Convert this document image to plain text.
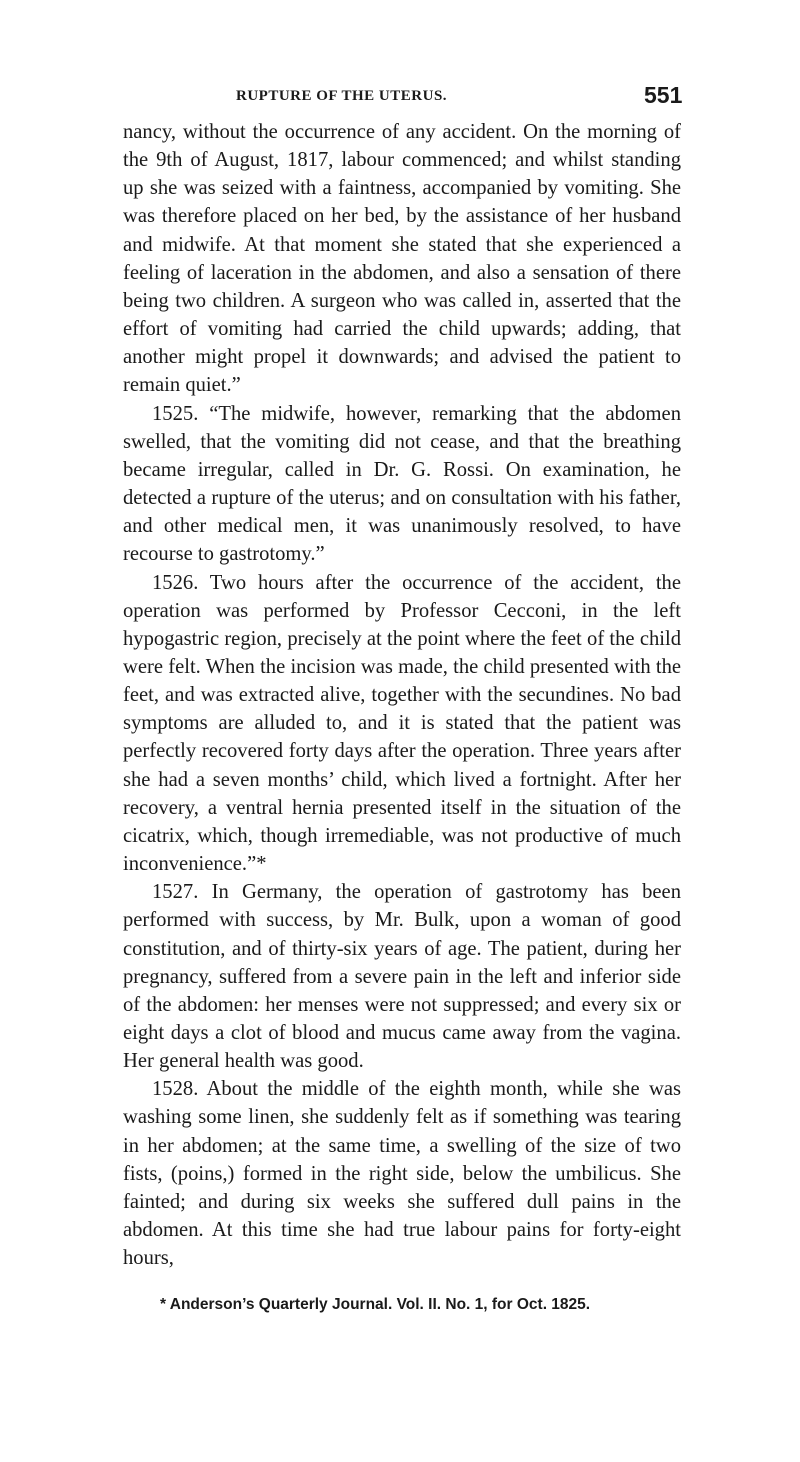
RUPTURE OF THE UTERUS.	551

nancy, without the occurrence of any accident. On the morning of the 9th of August, 1817, labour commenced; and whilst standing up she was seized with a faintness, accompanied by vomiting. She was therefore placed on her bed, by the assistance of her husband and midwife. At that moment she stated that she experienced a feeling of laceration in the abdomen, and also a sensation of there being two children. A surgeon who was called in, asserted that the effort of vomiting had carried the child upwards; adding, that another might propel it downwards; and advised the patient to remain quiet.”

1525. “The midwife, however, remarking that the abdomen swelled, that the vomiting did not cease, and that the breathing became irregular, called in Dr. G. Rossi. On examination, he detected a rupture of the uterus; and on consultation with his father, and other medical men, it was unanimously resolved, to have recourse to gastrotomy.”

1526. Two hours after the occurrence of the accident, the operation was performed by Professor Cecconi, in the left hypogastric region, precisely at the point where the feet of the child were felt. When the incision was made, the child presented with the feet, and was extracted alive, together with the secundines. No bad symptoms are alluded to, and it is stated that the patient was perfectly recovered forty days after the operation. Three years after she had a seven months’ child, which lived a fortnight. After her recovery, a ventral hernia presented itself in the situation of the cicatrix, which, though irremediable, was not productive of much inconvenience.”*

1527. In Germany, the operation of gastrotomy has been performed with success, by Mr. Bulk, upon a woman of good constitution, and of thirty-six years of age. The patient, during her pregnancy, suffered from a severe pain in the left and inferior side of the abdomen: her menses were not suppressed; and every six or eight days a clot of blood and mucus came away from the vagina. Her general health was good.

1528. About the middle of the eighth month, while she was washing some linen, she suddenly felt as if something was tearing in her abdomen; at the same time, a swelling of the size of two fists, (poins,) formed in the right side, below the umbilicus. She fainted; and during six weeks she suffered dull pains in the abdomen. At this time she had true labour pains for forty-eight hours,

* Anderson’s Quarterly Journal. Vol. II. No. 1, for Oct. 1825.
